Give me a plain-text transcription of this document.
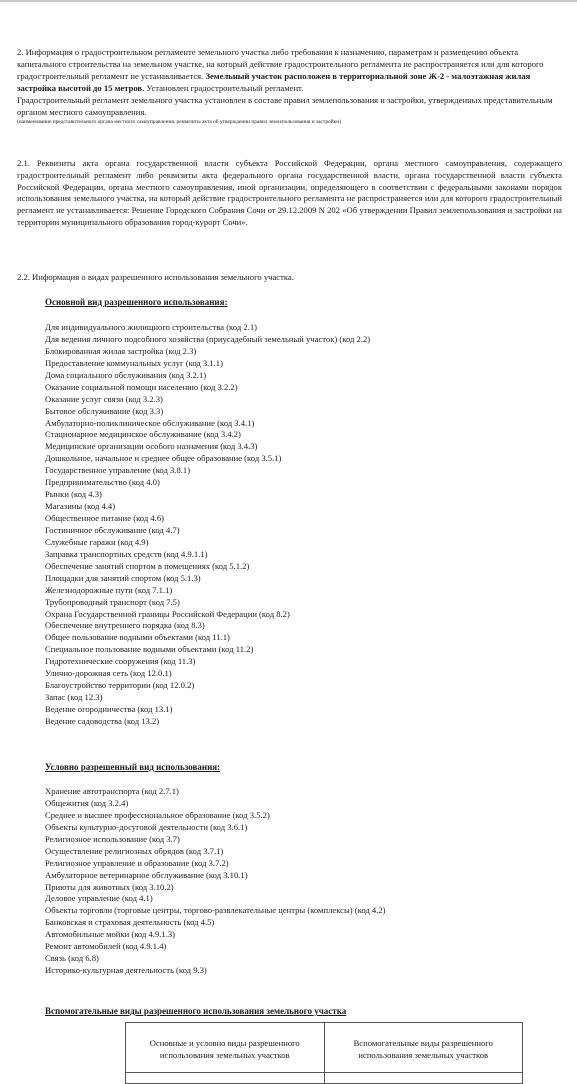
2. Информация о градостроительном регламенте земельного участка либо требования к назначению, параметрам и размещению объекта капитального строительства на земельном участке, на который действие градостроительного регламента не распространяется или для которого градостроительный регламент не устанавливается. Земельный участок расположен в территориальной зоне Ж-2 - малоэтажная жилая застройка высотой до 15 метров. Установлен градостроительный регламент.
Градостроительный регламент земельного участка установлен в составе правил землепользования и застройки, утвержденных представительным органом местного самоуправления.
(наименование представительного органа местного самоуправления, реквизиты акта об утверждении правил землепользования и застройки)
2.1. Реквизиты акта органа государственной власти субъекта Российской Федерации, органа местного самоуправления, содержащего градостроительный регламент либо реквизиты акта федерального органа государственной власти, органа государственной власти субъекта Российской Федерации, органа местного самоуправления, иной организации, определяющего в соответствии с федеральными законами порядок использования земельного участка, на который действие градостроительного регламента не распространяется или для которого градостроительный регламент не устанавливается: Решение Городского Собрания Сочи от 29.12.2009 N 202 «Об утверждении Правил землепользования и застройки на территории муниципального образования город-курорт Сочи».
2.2. Информация о видах разрешенного использования земельного участка.
Основной вид разрешенного использования:
Для индивидуального жилищного строительства (код 2.1)
Для ведения личного подсобного хозяйства (приусадебный земельный участок) (код 2.2)
Блокированная жилая застройка (код 2.3)
Предоставление коммунальных услуг (код 3.1.1)
Дома социального обслуживания (код 3.2.1)
Оказание социальной помощи населению (код 3.2.2)
Оказание услуг связи (код 3.2.3)
Бытовое обслуживание (код 3.3)
Амбулаторно-поликлиническое обслуживание (код 3.4.1)
Стационарное медицинское обслуживание (код 3.4.2)
Медицинские организации особого назначения (код 3.4.3)
Дошкольное, начальное и среднее общее образование (код 3.5.1)
Государственное управление (код 3.8.1)
Предпринимательство (код 4.0)
Рынки (код 4.3)
Магазины (код 4.4)
Общественное питание (код 4.6)
Гостиничное обслуживание (код 4.7)
Служебные гаражи (код 4.9)
Заправка транспортных средств (код 4.9.1.1)
Обеспечение занятий спортом в помещениях (код 5.1.2)
Площадки для занятий спортом (код 5.1.3)
Железнодорожные пути (код 7.1.1)
Трубопроводный транспорт (код 7.5)
Охрана Государственной границы Российской Федерации (код 8.2)
Обеспечение внутреннего порядка (код 8.3)
Общее пользование водными объектами (код 11.1)
Специальное пользование водными объектами (код 11.2)
Гидротехнические сооружения (код 11.3)
Улично-дорожная сеть (код 12.0.1)
Благоустройство территории (код 12.0.2)
Запас (код 12.3)
Ведение огородничества (код 13.1)
Ведение садоводства (код 13.2)
Условно разрешенный вид использования:
Хранение автотранспорта (код 2.7.1)
Общежития (код 3.2.4)
Среднее и высшее профессиональное образование (код 3.5.2)
Объекты культурно-досуговой деятельности (код 3.6.1)
Религиозное использование (код 3.7)
Осуществление религиозных обрядов (код 3.7.1)
Религиозное управление и образование (код 3.7.2)
Амбулаторное ветеринарное обслуживание (код 3.10.1)
Приюты для животных (код 3.10.2)
Деловое управление (код 4.1)
Объекты торговли (торговые центры, торгово-развлекательные центры (комплексы) (код 4.2)
Банковская и страховая деятельность (код 4.5)
Автомобильные мойки (код 4.9.1.3)
Ремонт автомобилей (код 4.9.1.4)
Связь (код 6.8)
Историко-культурная деятельность (код 9.3)
Вспомогательные виды разрешенного использования земельного участка
Основные и условно виды разрешенного использования земельных участков	Вспомогательные виды разрешенного использования земельных участков
